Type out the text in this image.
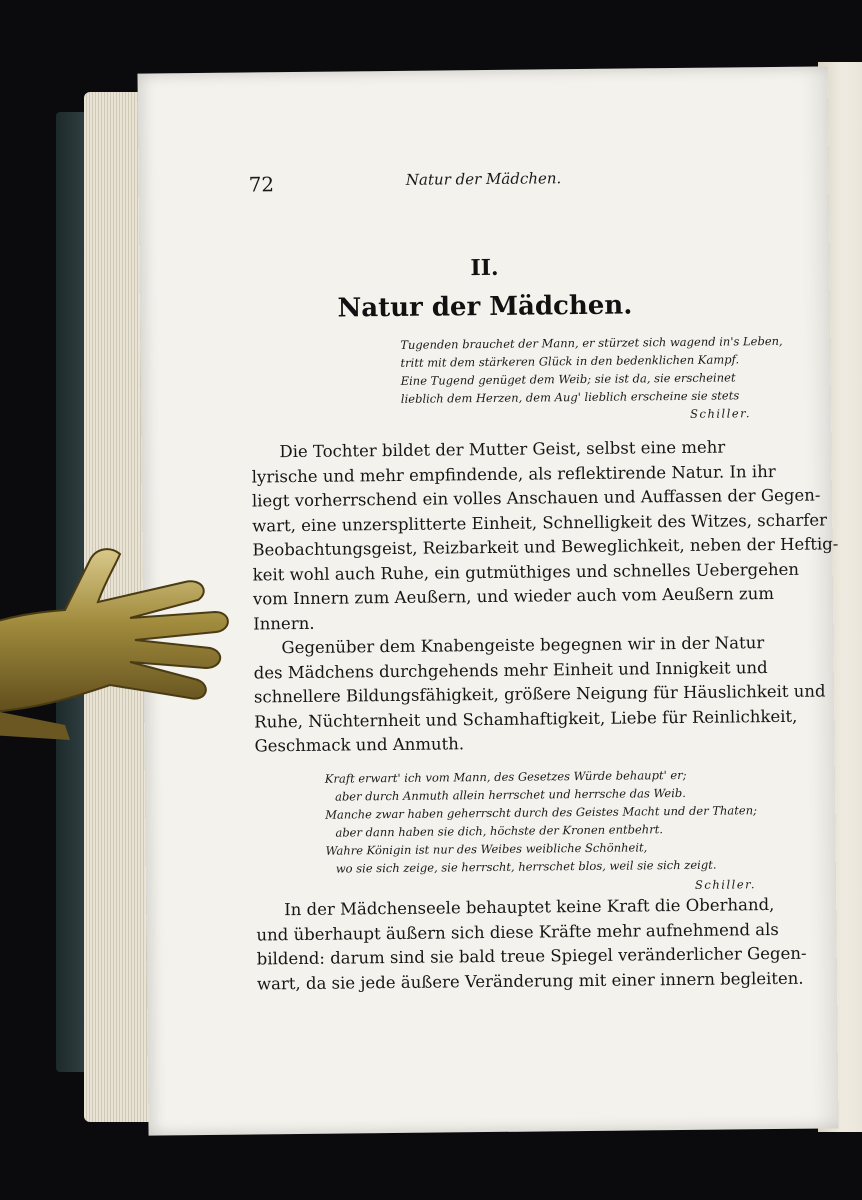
72	Natur der Mädchen.
II.
Natur der Mädchen.
Tugenden brauchet der Mann, er stürzet sich wagend in's Leben,
tritt mit dem stärkeren Glück in den bedenklichen Kampf.
Eine Tugend genüget dem Weib; sie ist da, sie erscheinet
lieblich dem Herzen, dem Aug' lieblich erscheine sie stets
Schiller.
Die Tochter bildet der Mutter Geist, selbst eine mehr
lyrische und mehr empfindende, als reflektirende Natur. In ihr
liegt vorherrschend ein volles Anschauen und Auffassen der Gegen-
wart, eine unzersplitterte Einheit, Schnelligkeit des Witzes, scharfer
Beobachtungsgeist, Reizbarkeit und Beweglichkeit, neben der Heftig-
keit wohl auch Ruhe, ein gutmüthiges und schnelles Uebergehen
vom Innern zum Aeußern, und wieder auch vom Aeußern zum
Innern.
Gegenüber dem Knabengeiste begegnen wir in der Natur
des Mädchens durchgehends mehr Einheit und Innigkeit und
schnellere Bildungsfähigkeit, größere Neigung für Häuslichkeit und
Ruhe, Nüchternheit und Schamhaftigkeit, Liebe für Reinlichkeit,
Geschmack und Anmuth.
Kraft erwart' ich vom Mann, des Gesetzes Würde behaupt' er;
aber durch Anmuth allein herrschet und herrsche das Weib.
Manche zwar haben geherrscht durch des Geistes Macht und der Thaten;
aber dann haben sie dich, höchste der Kronen entbehrt.
Wahre Königin ist nur des Weibes weibliche Schönheit,
wo sie sich zeige, sie herrscht, herrschet blos, weil sie sich zeigt.
Schiller.
In der Mädchenseele behauptet keine Kraft die Oberhand,
und überhaupt äußern sich diese Kräfte mehr aufnehmend als
bildend: darum sind sie bald treue Spiegel veränderlicher Gegen-
wart, da sie jede äußere Veränderung mit einer innern begleiten.
